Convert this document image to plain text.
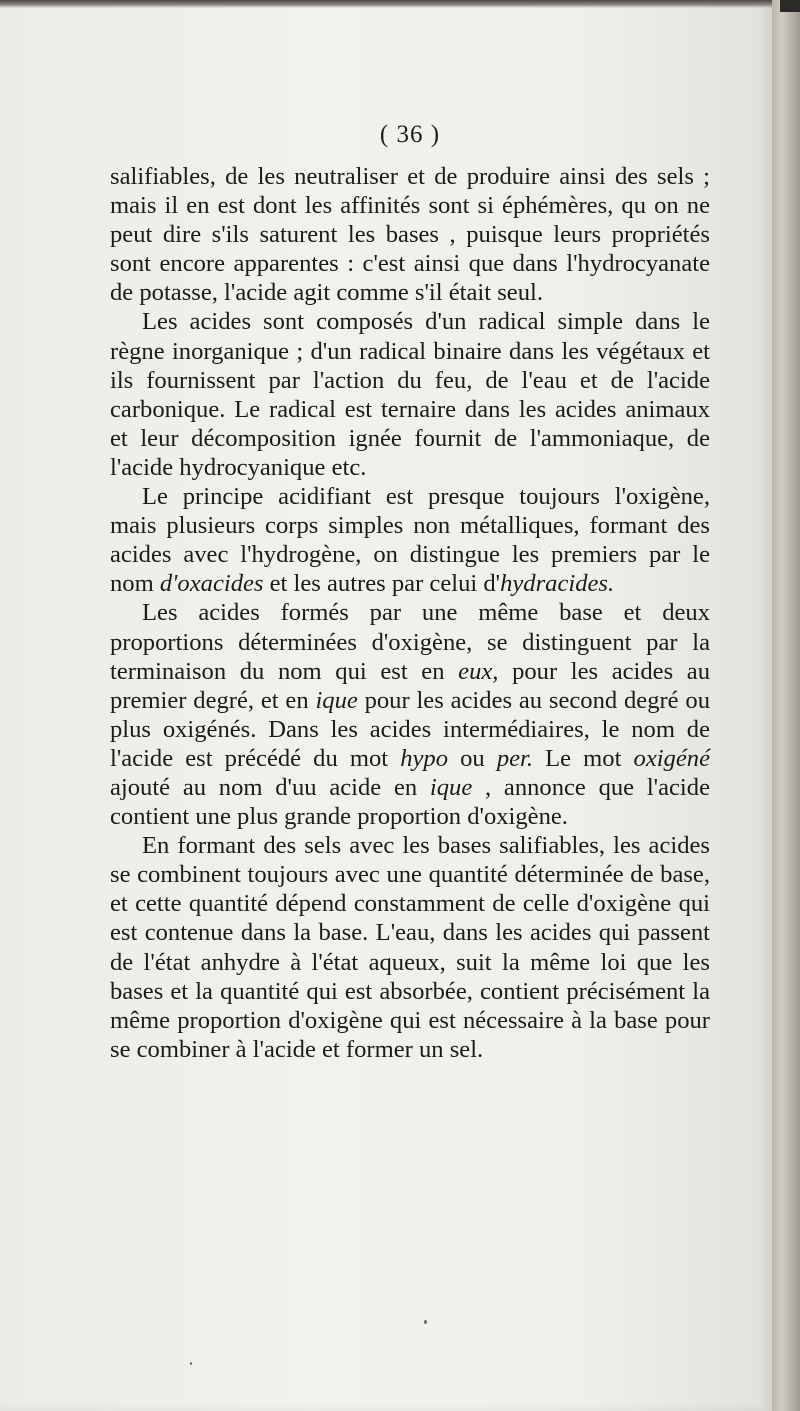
( 36 )

salifiables, de les neutraliser et de produire ainsi des sels ; mais il en est dont les affinités sont si éphémères, qu on ne peut dire s'ils saturent les bases , puisque leurs propriétés sont encore apparentes : c'est ainsi que dans l'hydrocyanate de potasse, l'acide agit comme s'il était seul.

Les acides sont composés d'un radical simple dans le règne inorganique ; d'un radical binaire dans les végétaux et ils fournissent par l'action du feu, de l'eau et de l'acide carbonique. Le radical est ternaire dans les acides animaux et leur décomposition ignée fournit de l'ammoniaque, de l'acide hydrocyanique etc.

Le principe acidifiant est presque toujours l'oxigène, mais plusieurs corps simples non métalliques, formant des acides avec l'hydrogène, on distingue les premiers par le nom d'oxacides et les autres par celui d'hydracides.

Les acides formés par une même base et deux proportions déterminées d'oxigène, se distinguent par la terminaison du nom qui est en eux, pour les acides au premier degré, et en ique pour les acides au second degré ou plus oxigénés. Dans les acides intermédiaires, le nom de l'acide est précédé du mot hypo ou per. Le mot oxigéné ajouté au nom d'uu acide en ique , annonce que l'acide contient une plus grande proportion d'oxigène.

En formant des sels avec les bases salifiables, les acides se combinent toujours avec une quantité déterminée de base, et cette quantité dépend constamment de celle d'oxigène qui est contenue dans la base. L'eau, dans les acides qui passent de l'état anhydre à l'état aqueux, suit la même loi que les bases et la quantité qui est absorbée, contient précisément la même proportion d'oxigène qui est nécessaire à la base pour se combiner à l'acide et former un sel.
